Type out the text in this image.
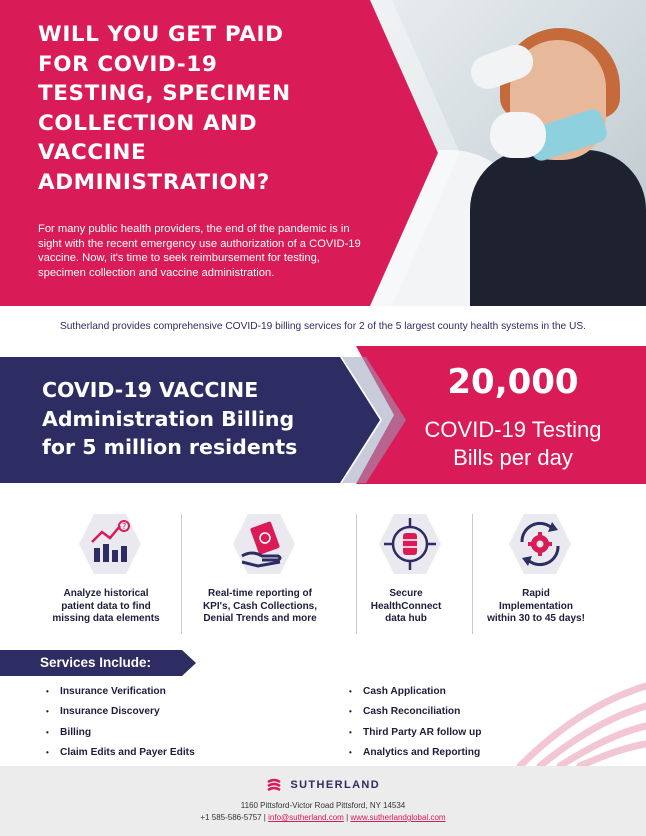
WILL YOU GET PAID FOR COVID-19 TESTING, SPECIMEN COLLECTION AND VACCINE ADMINISTRATION?

For many public health providers, the end of the pandemic is in sight with the recent emergency use authorization of a COVID-19 vaccine. Now, it's time to seek reimbursement for testing, specimen collection and vaccine administration.

Sutherland provides comprehensive COVID-19 billing services for 2 of the 5 largest county health systems in the US.
COVID-19 VACCINE
Administration Billing
for 5 million residents
20,000
COVID-19 Testing
Bills per day
?

Analyze historical
patient data to find
missing data elements

Real-time reporting of
KPI's, Cash Collections,
Denial Trends and more

Secure
HealthConnect
data hub

Rapid
Implementation
within 30 to 45 days!

Services Include:
• Insurance Verification
• Insurance Discovery
• Billing
• Claim Edits and Payer Edits
• Cash Application
• Cash Reconciliation
• Third Party AR follow up
• Analytics and Reporting
SUTHERLAND
1160 Pittsford-Victor Road Pittsford, NY 14534
+1 585-586-5757 | info@sutherland.com | www.sutherlandglobal.com
